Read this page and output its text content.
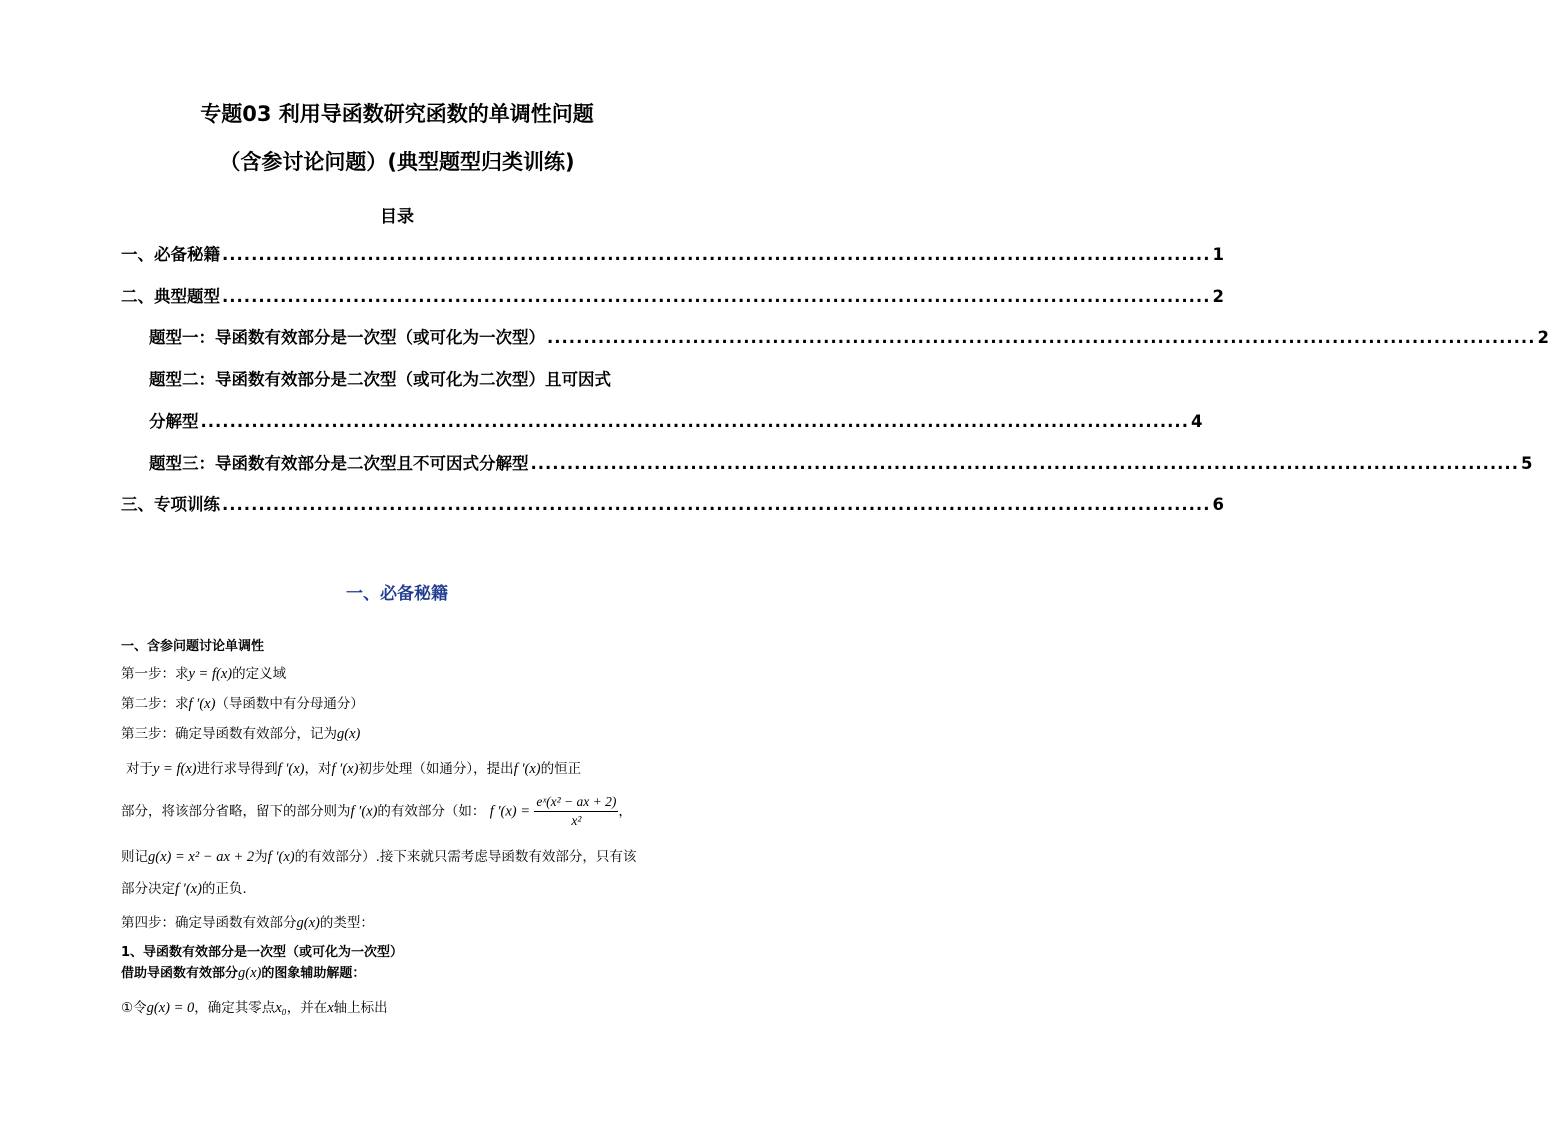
专题03 利用导函数研究函数的单调性问题
（含参讨论问题）(典型题型归类训练)
目录
一、必备秘籍 ........................................................................................................................................ 1
二、典型题型 ........................................................................................................................................ 2
题型一：导函数有效部分是一次型（或可化为一次型） ........................................................................................................................................ 2
题型二：导函数有效部分是二次型（或可化为二次型）且可因式
分解型 ........................................................................................................................................ 4
题型三：导函数有效部分是二次型且不可因式分解型 ........................................................................................................................................ 5
三、专项训练 ........................................................................................................................................ 6
一、必备秘籍
一、含参问题讨论单调性
第一步：求y = f(x)的定义域
第二步：求f ′(x)（导函数中有分母通分）
第三步：确定导函数有效部分，记为g(x)
对于y = f(x)进行求导得到f ′(x)，对f ′(x)初步处理（如通分），提出f ′(x)的恒正
部分，将该部分省略，留下的部分则为f ′(x)的有效部分（如： f $'(x) = \frac{\text{eˣ(x² − ax + 2)}}{\text{x²}}$ ，
则记g(x) = x² − ax + 2为f ′(x)的有效部分）.接下来就只需考虑导函数有效部分，只有该
部分决定f ′(x)的正负.
第四步：确定导函数有效部分g(x)的类型：
1、导函数有效部分是一次型（或可化为一次型）
借助导函数有效部分g(x)的图象辅助解题：
①令g(x) = 0，确定其零点x₀，并在x轴上标出
